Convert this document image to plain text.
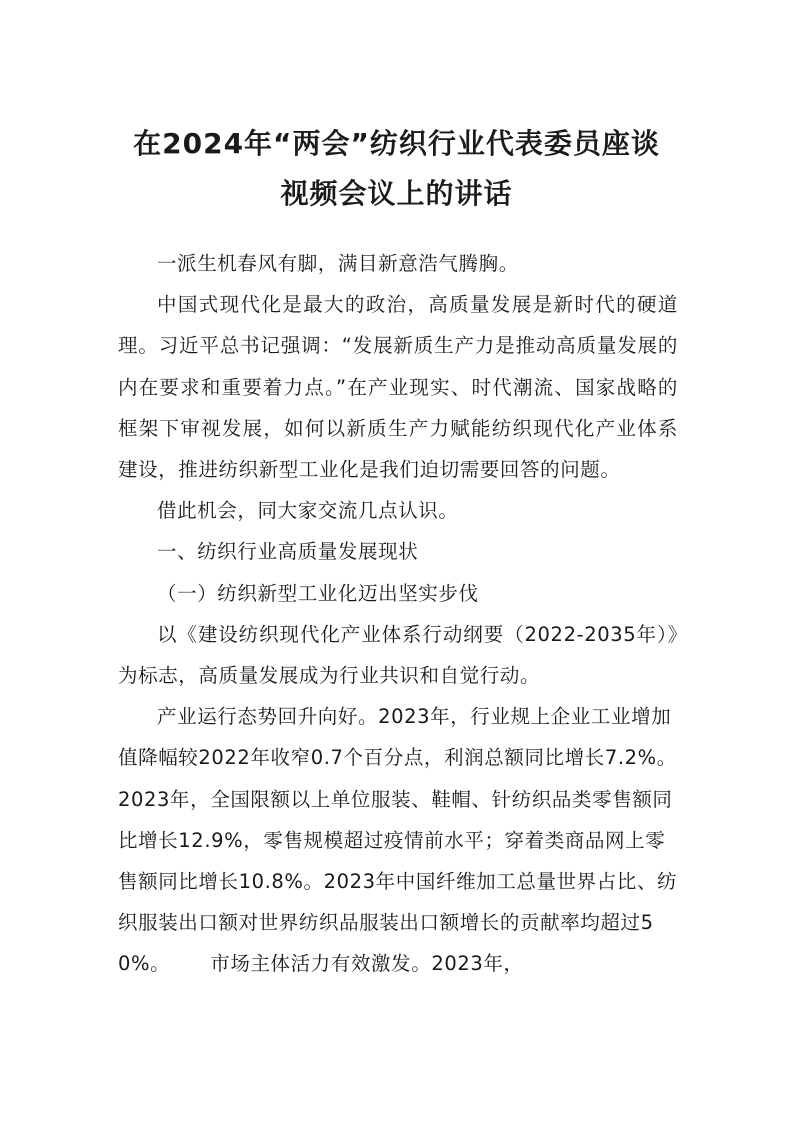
在2024年“两会”纺织行业代表委员座谈
视频会议上的讲话

一派生机春风有脚，满目新意浩气腾胸。

中国式现代化是最大的政治，高质量发展是新时代的硬道理。习近平总书记强调：“发展新质生产力是推动高质量发展的内在要求和重要着力点。”在产业现实、时代潮流、国家战略的框架下审视发展，如何以新质生产力赋能纺织现代化产业体系建设，推进纺织新型工业化是我们迫切需要回答的问题。

借此机会，同大家交流几点认识。

一、纺织行业高质量发展现状

（一）纺织新型工业化迈出坚实步伐

以《建设纺织现代化产业体系行动纲要（2022-2035年）》为标志，高质量发展成为行业共识和自觉行动。

产业运行态势回升向好。2023年，行业规上企业工业增加值降幅较2022年收窄0.7个百分点，利润总额同比增长7.2%。2023年，全国限额以上单位服装、鞋帽、针纺织品类零售额同比增长12.9%，零售规模超过疫情前水平；穿着类商品网上零售额同比增长10.8%。2023年中国纤维加工总量世界占比、纺织服装出口额对世界纺织品服装出口额增长的贡献率均超过50%。 市场主体活力有效激发。2023年，
